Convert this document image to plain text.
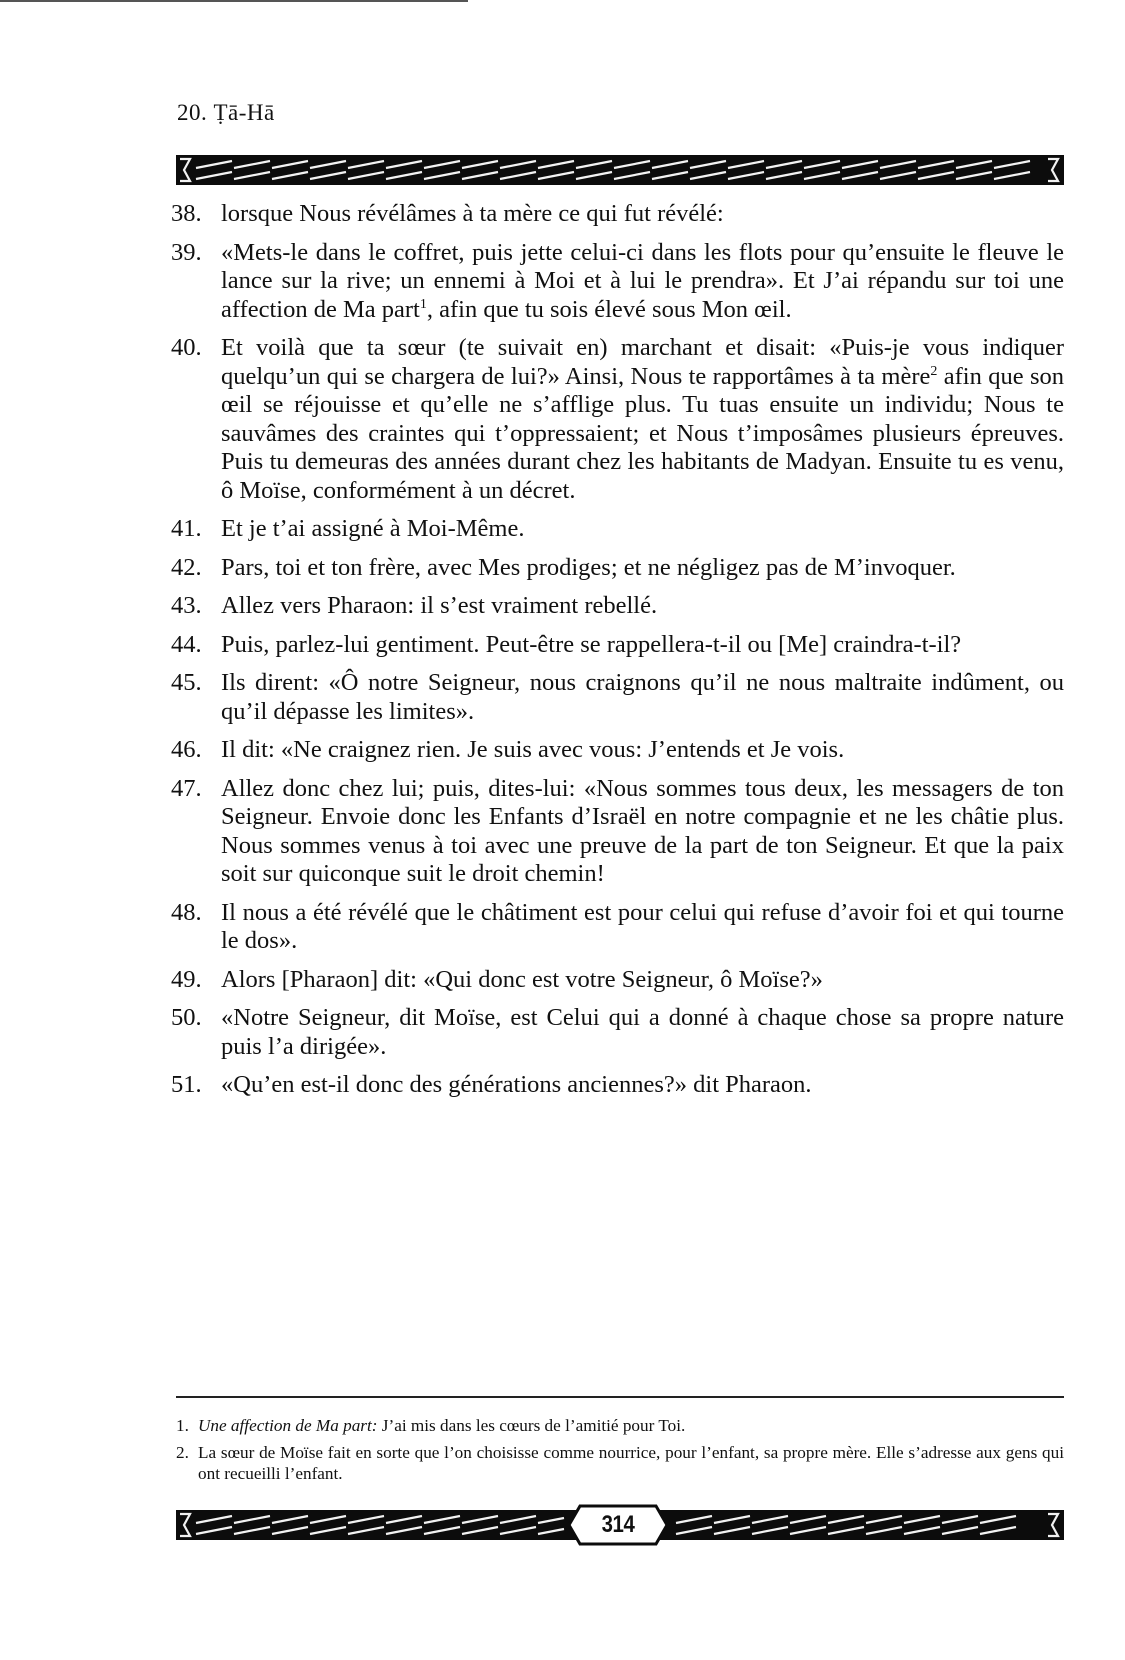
20. Ṭā-Hā
38. lorsque Nous révélâmes à ta mère ce qui fut révélé:
39. «Mets-le dans le coffret, puis jette celui-ci dans les flots pour qu’ensuite le fleuve le lance sur la rive; un ennemi à Moi et à lui le prendra». Et J’ai répandu sur toi une affection de Ma part$^1$, afin que tu sois élevé sous Mon œil.
40. Et voilà que ta sœur (te suivait en) marchant et disait: «Puis-je vous indiquer quelqu’un qui se chargera de lui?» Ainsi, Nous te rapportâmes à ta mère$^2$ afin que son œil se réjouisse et qu’elle ne s’afflige plus. Tu tuas ensuite un individu; Nous te sauvâmes des craintes qui t’oppressaient; et Nous t’imposâmes plusieurs épreuves. Puis tu demeuras des années durant chez les habitants de Madyan. Ensuite tu es venu, ô Moïse, conformément à un décret.
41. Et je t’ai assigné à Moi-Même.
42. Pars, toi et ton frère, avec Mes prodiges; et ne négligez pas de M’invoquer.
43. Allez vers Pharaon: il s’est vraiment rebellé.
44. Puis, parlez-lui gentiment. Peut-être se rappellera-t-il ou [Me] craindra-t-il?
45. Ils dirent: «Ô notre Seigneur, nous craignons qu’il ne nous maltraite indûment, ou qu’il dépasse les limites».
46. Il dit: «Ne craignez rien. Je suis avec vous: J’entends et Je vois.
47. Allez donc chez lui; puis, dites-lui: «Nous sommes tous deux, les messagers de ton Seigneur. Envoie donc les Enfants d’Israël en notre compagnie et ne les châtie plus. Nous sommes venus à toi avec une preuve de la part de ton Seigneur. Et que la paix soit sur quiconque suit le droit chemin!
48. Il nous a été révélé que le châtiment est pour celui qui refuse d’avoir foi et qui tourne le dos».
49. Alors [Pharaon] dit: «Qui donc est votre Seigneur, ô Moïse?»
50. «Notre Seigneur, dit Moïse, est Celui qui a donné à chaque chose sa propre nature puis l’a dirigée».
51. «Qu’en est-il donc des générations anciennes?» dit Pharaon.
1. Une affection de Ma part: J’ai mis dans les cœurs de l’amitié pour Toi.
2. La sœur de Moïse fait en sorte que l’on choisisse comme nourrice, pour l’enfant, sa propre mère. Elle s’adresse aux gens qui ont recueilli l’enfant.
314
